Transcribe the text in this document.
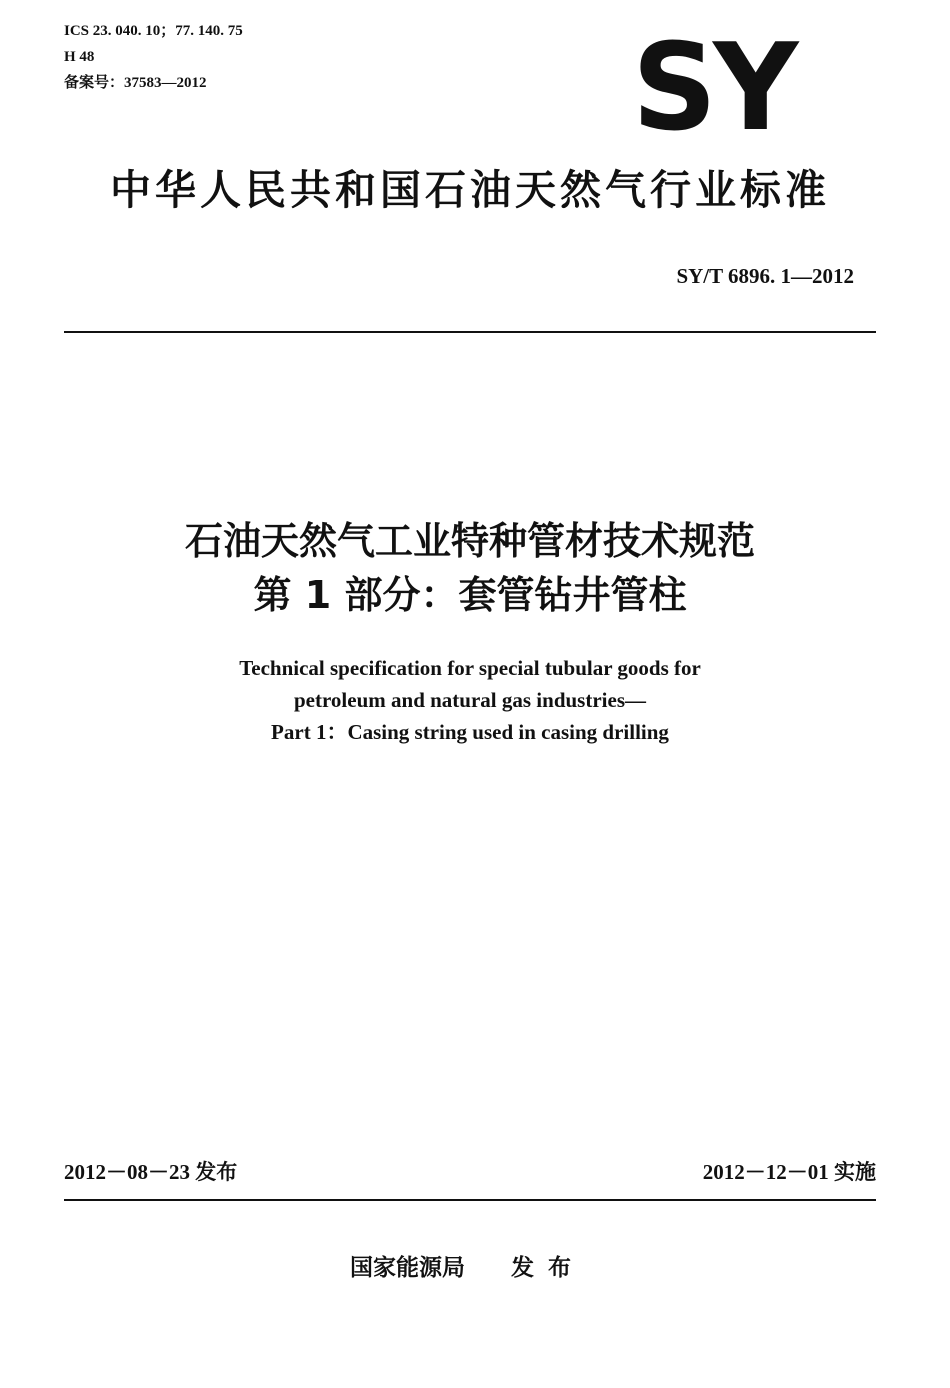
ICS 23. 040. 10；77. 140. 75
H 48
备案号：37583—2012	SY
中华人民共和国石油天然气行业标准
SY/T 6896. 1—2012
石油天然气工业特种管材技术规范
第 1 部分：套管钻井管柱
Technical specification for special tubular goods for
petroleum and natural gas industries—
Part 1：Casing string used in casing drilling
2012－08－23 发布	2012－12－01 实施
国家能源局 发布
